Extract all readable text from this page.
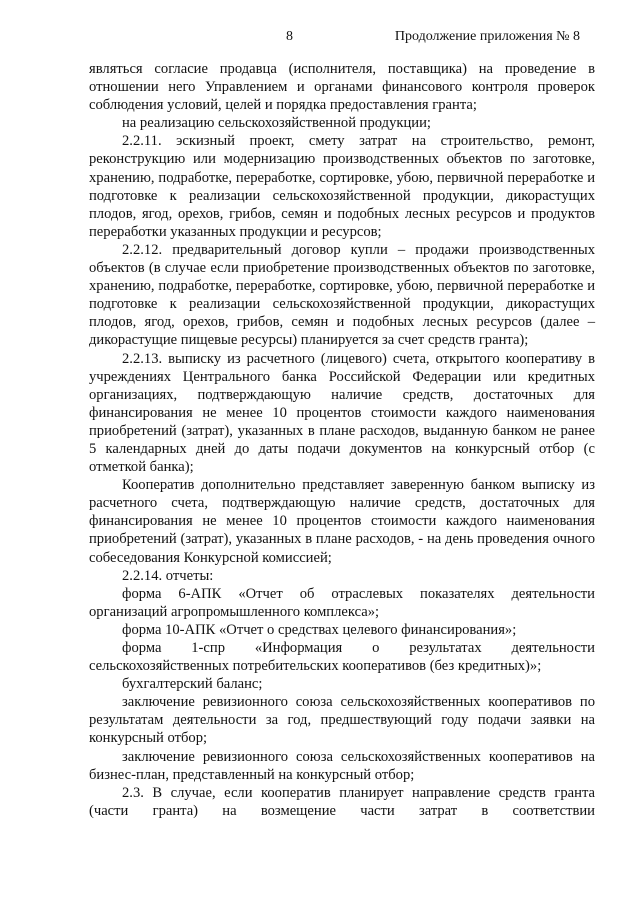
8	Продолжение приложения № 8

являться согласие продавца (исполнителя, поставщика) на проведение в отношении него Управлением и органами финансового контроля проверок соблюдения условий, целей и порядка предоставления гранта;

на реализацию сельскохозяйственной продукции;

2.2.11. эскизный проект, смету затрат на строительство, ремонт, реконструкцию или модернизацию производственных объектов по заготовке, хранению, подработке, переработке, сортировке, убою, первичной переработке и подготовке к реализации сельскохозяйственной продукции, дикорастущих плодов, ягод, орехов, грибов, семян и подобных лесных ресурсов и продуктов переработки указанных продукции и ресурсов;

2.2.12. предварительный договор купли – продажи производственных объектов (в случае если приобретение производственных объектов по заготовке, хранению, подработке, переработке, сортировке, убою, первичной переработке и подготовке к реализации сельскохозяйственной продукции, дикорастущих плодов, ягод, орехов, грибов, семян и подобных лесных ресурсов (далее – дикорастущие пищевые ресурсы) планируется за счет средств гранта);

2.2.13. выписку из расчетного (лицевого) счета, открытого кооперативу в учреждениях Центрального банка Российской Федерации или кредитных организациях, подтверждающую наличие средств, достаточных для финансирования не менее 10 процентов стоимости каждого наименования приобретений (затрат), указанных в плане расходов, выданную банком не ранее 5 календарных дней до даты подачи документов на конкурсный отбор (с отметкой банка);

Кооператив дополнительно представляет заверенную банком выписку из расчетного счета, подтверждающую наличие средств, достаточных для финансирования не менее 10 процентов стоимости каждого наименования приобретений (затрат), указанных в плане расходов, - на день проведения очного собеседования Конкурсной комиссией;

2.2.14. отчеты:

форма 6-АПК «Отчет об отраслевых показателях деятельности организаций агропромышленного комплекса»;

форма 10-АПК «Отчет о средствах целевого финансирования»;

форма 1-спр «Информация о результатах деятельности сельскохозяйственных потребительских кооперативов (без кредитных)»;

бухгалтерский баланс;

заключение ревизионного союза сельскохозяйственных кооперативов по результатам деятельности за год, предшествующий году подачи заявки на конкурсный отбор;

заключение ревизионного союза сельскохозяйственных кооперативов на бизнес-план, представленный на конкурсный отбор;

2.3. В случае, если кооператив планирует направление средств гранта (части гранта) на возмещение части затрат в соответствии
